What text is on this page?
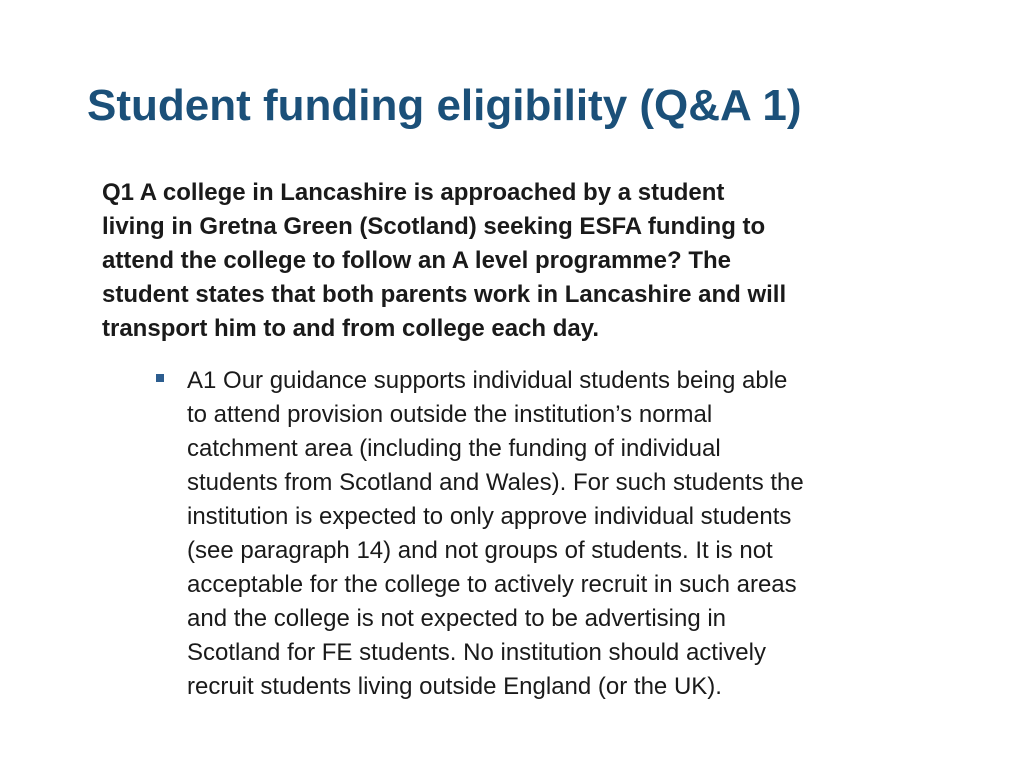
Student funding eligibility (Q&A 1)

Q1 A college in Lancashire is approached by a student
living in Gretna Green (Scotland) seeking ESFA funding to
attend the college to follow an A level programme? The
student states that both parents work in Lancashire and will
transport him to and from college each day.

A1 Our guidance supports individual students being able
to attend provision outside the institution’s normal
catchment area (including the funding of individual
students from Scotland and Wales). For such students the
institution is expected to only approve individual students
(see paragraph 14) and not groups of students. It is not
acceptable for the college to actively recruit in such areas
and the college is not expected to be advertising in
Scotland for FE students. No institution should actively
recruit students living outside England (or the UK).
